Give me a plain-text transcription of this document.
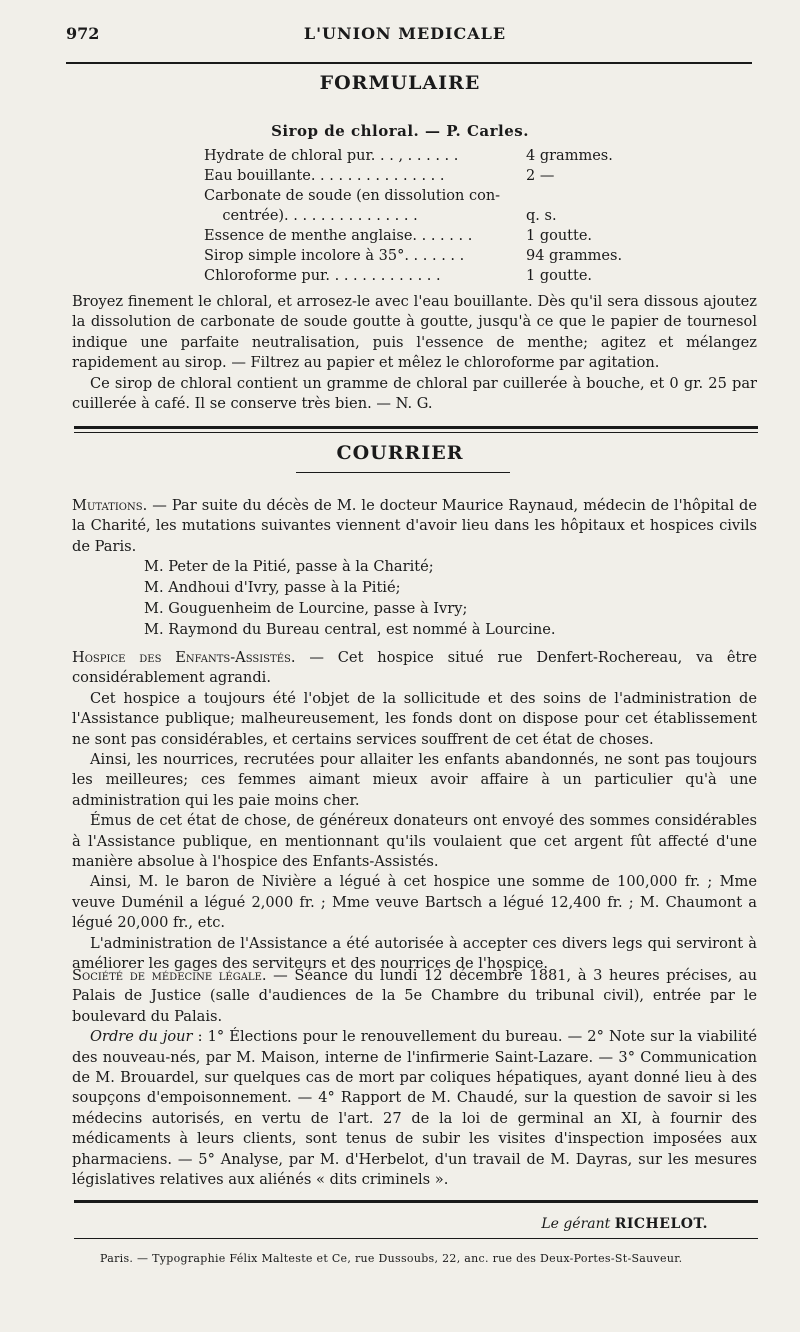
972	L'UNION MEDICALE
FORMULAIRE
Sirop de chloral. — P. Carles.
Hydrate de chloral pur. . . , . . . . . .	4 grammes.
Eau bouillante. . . . . . . . . . . . . . .	2 —
Carbonate de soude (en dissolution con-
centrée). . . . . . . . . . . . . . .	q. s.
Essence de menthe anglaise. . . . . . .	1 goutte.
Sirop simple incolore à 35°. . . . . . .	94 grammes.
Chloroforme pur. . . . . . . . . . . . .	1 goutte.

Broyez finement le chloral, et arrosez-le avec l'eau bouillante. Dès qu'il sera dissous ajoutez la dissolution de carbonate de soude goutte à goutte, jusqu'à ce que le papier de tournesol indique une parfaite neutralisation, puis l'essence de menthe; agitez et mélangez rapidement au sirop. — Filtrez au papier et mêlez le chloroforme par agitation.

Ce sirop de chloral contient un gramme de chloral par cuillerée à bouche, et 0 gr. 25 par cuillerée à café. Il se conserve très bien. — N. G.

COURRIER

Mutations. — Par suite du décès de M. le docteur Maurice Raynaud, médecin de l'hôpital de la Charité, les mutations suivantes viennent d'avoir lieu dans les hôpitaux et hospices civils de Paris.

M. Peter de la Pitié, passe à la Charité;
M. Andhoui d'Ivry, passe à la Pitié;
M. Gouguenheim de Lourcine, passe à Ivry;
M. Raymond du Bureau central, est nommé à Lourcine.

Hospice des Enfants-Assistés. — Cet hospice situé rue Denfert-Rochereau, va être considérablement agrandi.

Cet hospice a toujours été l'objet de la sollicitude et des soins de l'administration de l'Assistance publique; malheureusement, les fonds dont on dispose pour cet établissement ne sont pas considérables, et certains services souffrent de cet état de choses.

Ainsi, les nourrices, recrutées pour allaiter les enfants abandonnés, ne sont pas toujours les meilleures; ces femmes aimant mieux avoir affaire à un particulier qu'à une administration qui les paie moins cher.

Émus de cet état de chose, de généreux donateurs ont envoyé des sommes considérables à l'Assistance publique, en mentionnant qu'ils voulaient que cet argent fût affecté d'une manière absolue à l'hospice des Enfants-Assistés.

Ainsi, M. le baron de Nivière a légué à cet hospice une somme de 100,000 fr. ; Mme veuve Duménil a légué 2,000 fr. ; Mme veuve Bartsch a légué 12,400 fr. ; M. Chaumont a légué 20,000 fr., etc.

L'administration de l'Assistance a été autorisée à accepter ces divers legs qui serviront à améliorer les gages des serviteurs et des nourrices de l'hospice.

Société de médecine légale. — Séance du lundi 12 décembre 1881, à 3 heures précises, au Palais de Justice (salle d'audiences de la 5e Chambre du tribunal civil), entrée par le boulevard du Palais.

Ordre du jour : 1° Élections pour le renouvellement du bureau. — 2° Note sur la viabilité des nouveau-nés, par M. Maison, interne de l'infirmerie Saint-Lazare. — 3° Communication de M. Brouardel, sur quelques cas de mort par coliques hépatiques, ayant donné lieu à des soupçons d'empoisonnement. — 4° Rapport de M. Chaudé, sur la question de savoir si les médecins autorisés, en vertu de l'art. 27 de la loi de germinal an XI, à fournir des médicaments à leurs clients, sont tenus de subir les visites d'inspection imposées aux pharmaciens. — 5° Analyse, par M. d'Herbelot, d'un travail de M. Dayras, sur les mesures législatives relatives aux aliénés « dits criminels ».

Le gérant RICHELOT.
Paris. — Typographie Félix Malteste et Ce, rue Dussoubs, 22, anc. rue des Deux-Portes-St-Sauveur.
